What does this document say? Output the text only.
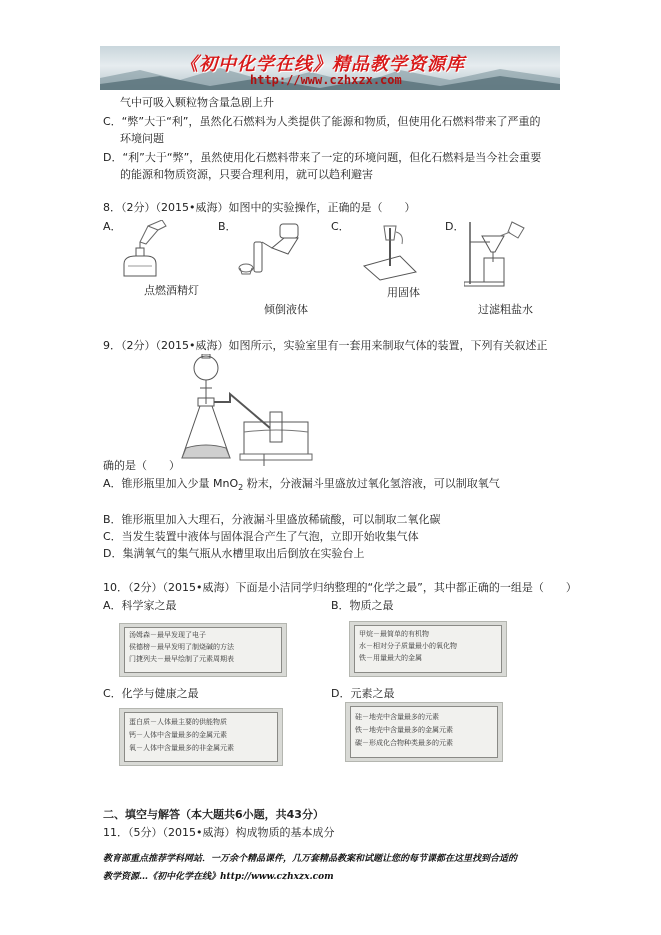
《初中化学在线》精品教学资源库
http://www.czhxzx.com
气中可吸入颗粒物含量急剧上升
C．“弊”大于“利”，虽然化石燃料为人类提供了能源和物质，但使用化石燃料带来了严重的
环境问题
D．“利”大于“弊”，虽然使用化石燃料带来了一定的环境问题，但化石燃料是当今社会重要
的能源和物质资源，只要合理利用，就可以趋利避害
8．（2分）（2015•威海）如图中的实验操作，正确的是（　　）
A．	B．	C．	D．
点燃酒精灯
倾倒液体
用固体
过滤粗盐水
9．（2分）（2015•威海）如图所示，实验室里有一套用来制取气体的装置，下列有关叙述正
确的是（　　）
A．锥形瓶里加入少量 MnO$_2$ 粉末，分液漏斗里盛放过氧化氢溶液，可以制取氧气
B．锥形瓶里加入大理石，分液漏斗里盛放稀硫酸，可以制取二氧化碳
C．当发生装置中液体与固体混合产生了气泡，立即开始收集气体
D．集满氧气的集气瓶从水槽里取出后倒放在实验台上
10．（2分）（2015•威海）下面是小洁同学归纳整理的“化学之最”，其中都正确的一组是（　　）
A．科学家之最	B．物质之最
汤姆森－最早发现了电子
侯德榜－最早发明了制烧碱的方法
门捷列夫－最早绘制了元素周期表
甲烷－最简单的有机物
水－相对分子质量最小的氧化物
铁－用量最大的金属
C．化学与健康之最	D．元素之最
蛋白质－人体最主要的供能物质
钙－人体中含量最多的金属元素
氧－人体中含量最多的非金属元素
硅－地壳中含量最多的元素
铁－地壳中含量最多的金属元素
碳－形成化合物种类最多的元素
二、填空与解答（本大题共6小题，共43分）
11．（5分）（2015•威海）构成物质的基本成分
教育部重点推荐学科网站．一万余个精品课件，几万套精品教案和试题让您的每节课都在这里找到合适的
教学资源…《初中化学在线》http://www.czhxzx.com
